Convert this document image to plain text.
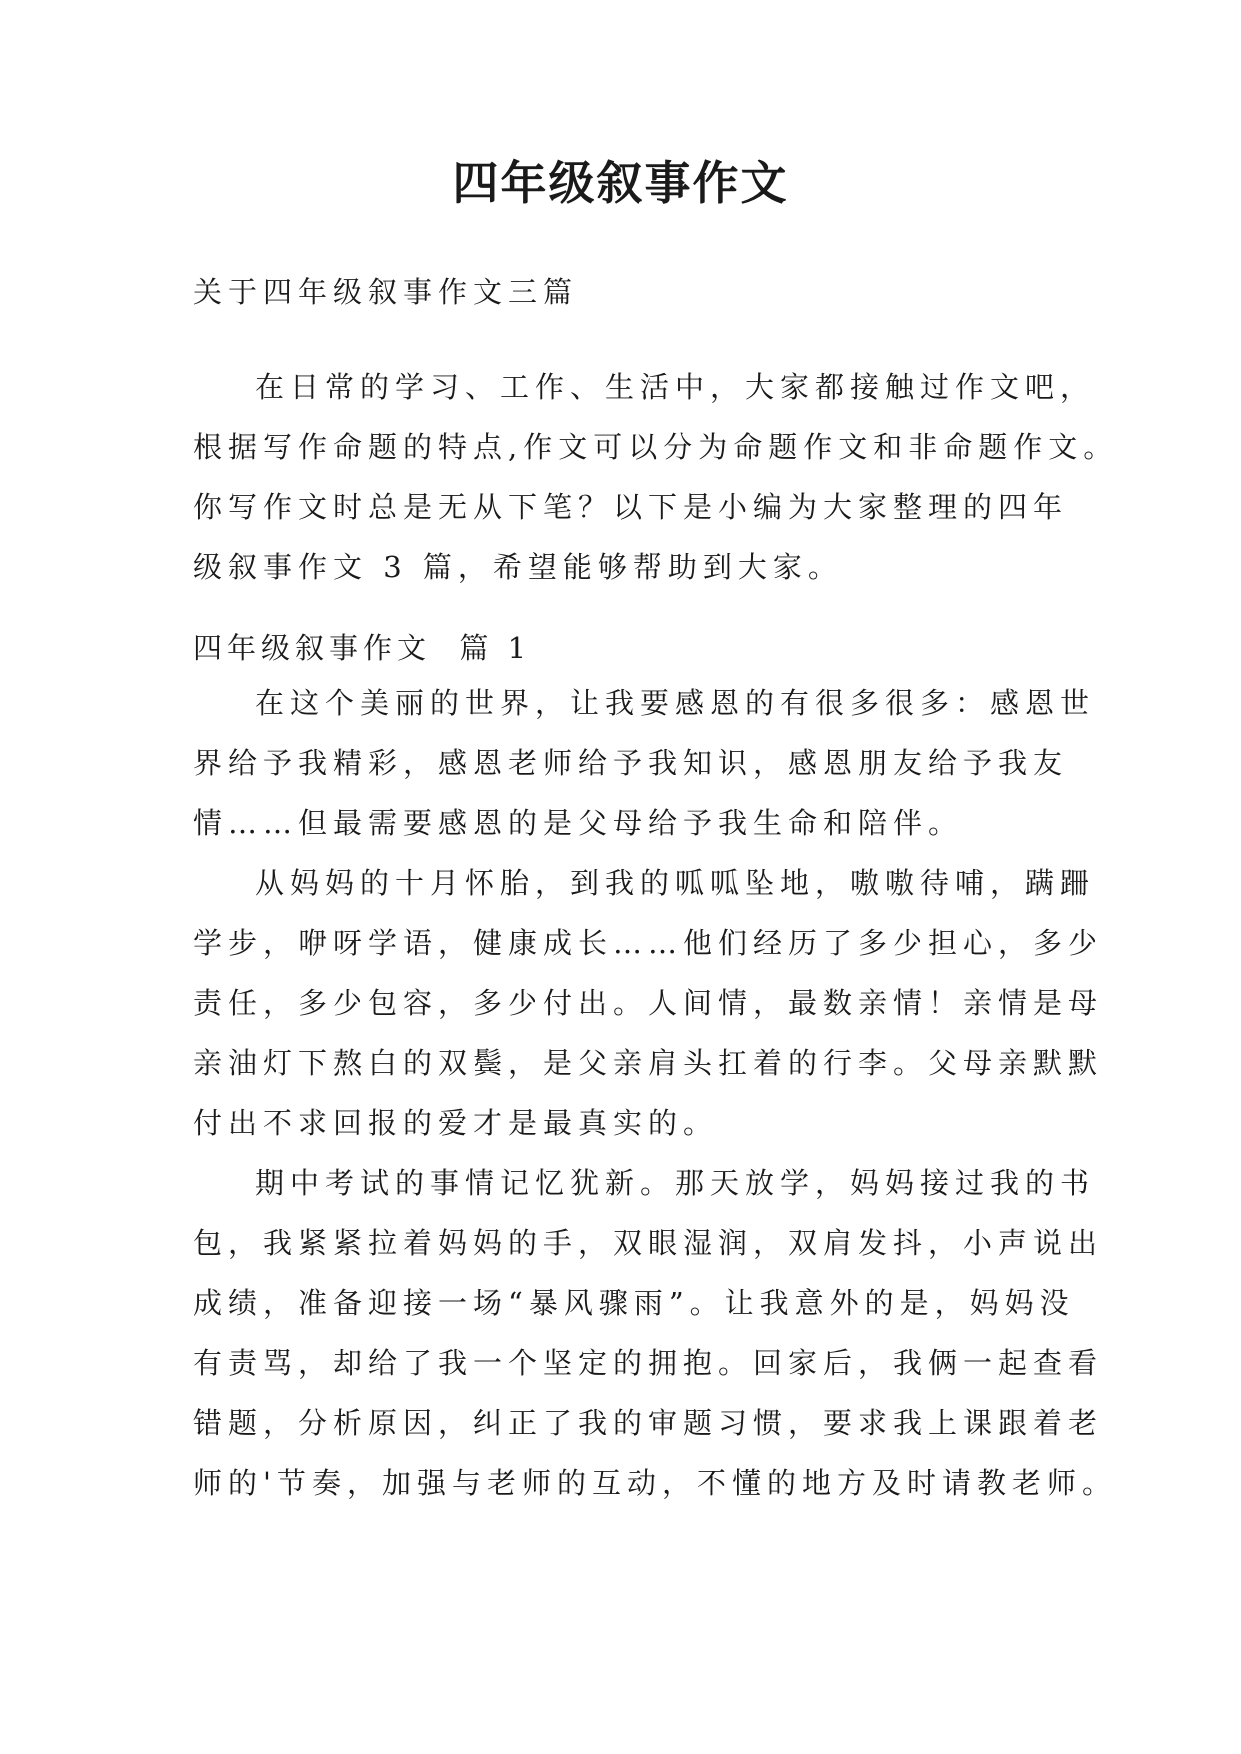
四年级叙事作文

关于四年级叙事作文三篇

在日常的学习、工作、生活中，大家都接触过作文吧，
根据写作命题的特点,作文可以分为命题作文和非命题作文。
你写作文时总是无从下笔？以下是小编为大家整理的四年
级叙事作文 3 篇，希望能够帮助到大家。

四年级叙事作文  篇 1

在这个美丽的世界，让我要感恩的有很多很多：感恩世
界给予我精彩，感恩老师给予我知识，感恩朋友给予我友
情……但最需要感恩的是父母给予我生命和陪伴。

从妈妈的十月怀胎，到我的呱呱坠地，嗷嗷待哺，蹒跚
学步，咿呀学语，健康成长……他们经历了多少担心，多少
责任，多少包容，多少付出。人间情，最数亲情！亲情是母
亲油灯下熬白的双鬓，是父亲肩头扛着的行李。父母亲默默
付出不求回报的爱才是最真实的。

期中考试的事情记忆犹新。那天放学，妈妈接过我的书
包，我紧紧拉着妈妈的手，双眼湿润，双肩发抖，小声说出
成绩，准备迎接一场“暴风骤雨”。让我意外的是，妈妈没
有责骂，却给了我一个坚定的拥抱。回家后，我俩一起查看
错题，分析原因，纠正了我的审题习惯，要求我上课跟着老
师的'节奏，加强与老师的互动，不懂的地方及时请教老师。
